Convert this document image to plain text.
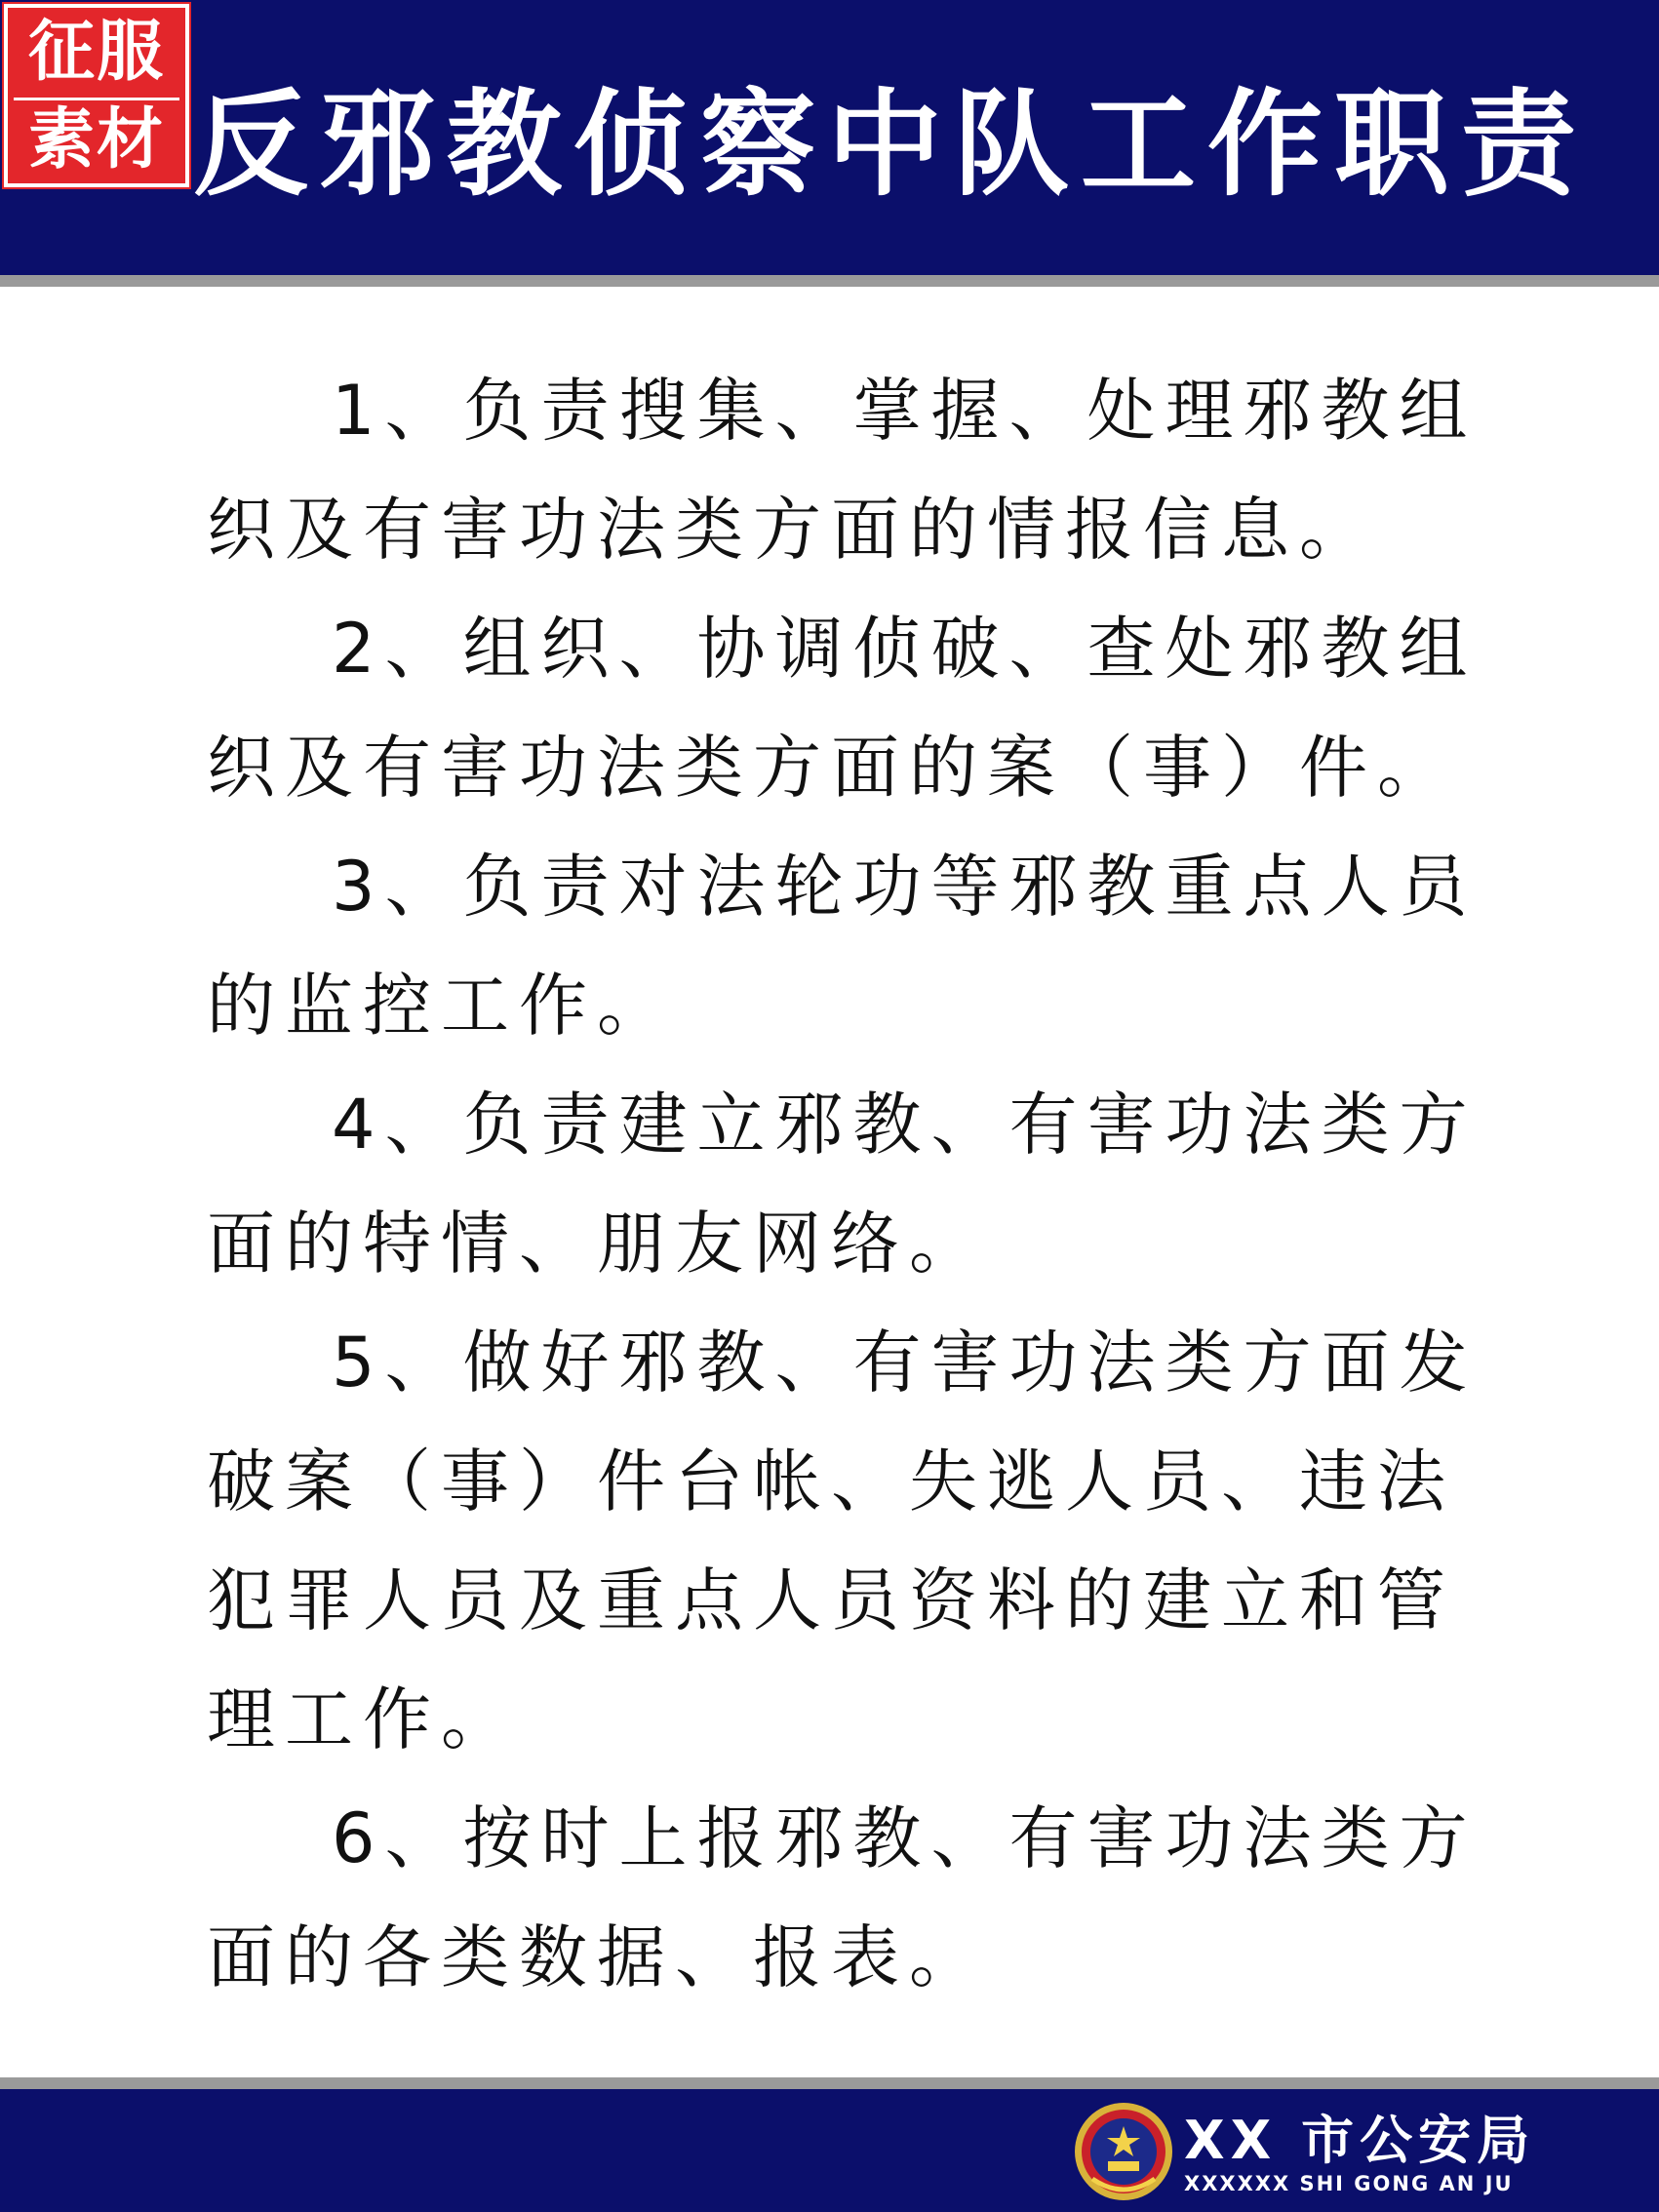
征服
素材 反邪教侦察中队工作职责
1、负责搜集、掌握、处理邪教组
织及有害功法类方面的情报信息。
2、组织、协调侦破、查处邪教组
织及有害功法类方面的案（事）件。
3、负责对法轮功等邪教重点人员
的监控工作。
4、负责建立邪教、有害功法类方
面的特情、朋友网络。
5、做好邪教、有害功法类方面发
破案（事）件台帐、失逃人员、违法
犯罪人员及重点人员资料的建立和管
理工作。
6、按时上报邪教、有害功法类方
面的各类数据、报表。
XX 市公安局
XXXXXX SHI GONG AN JU
